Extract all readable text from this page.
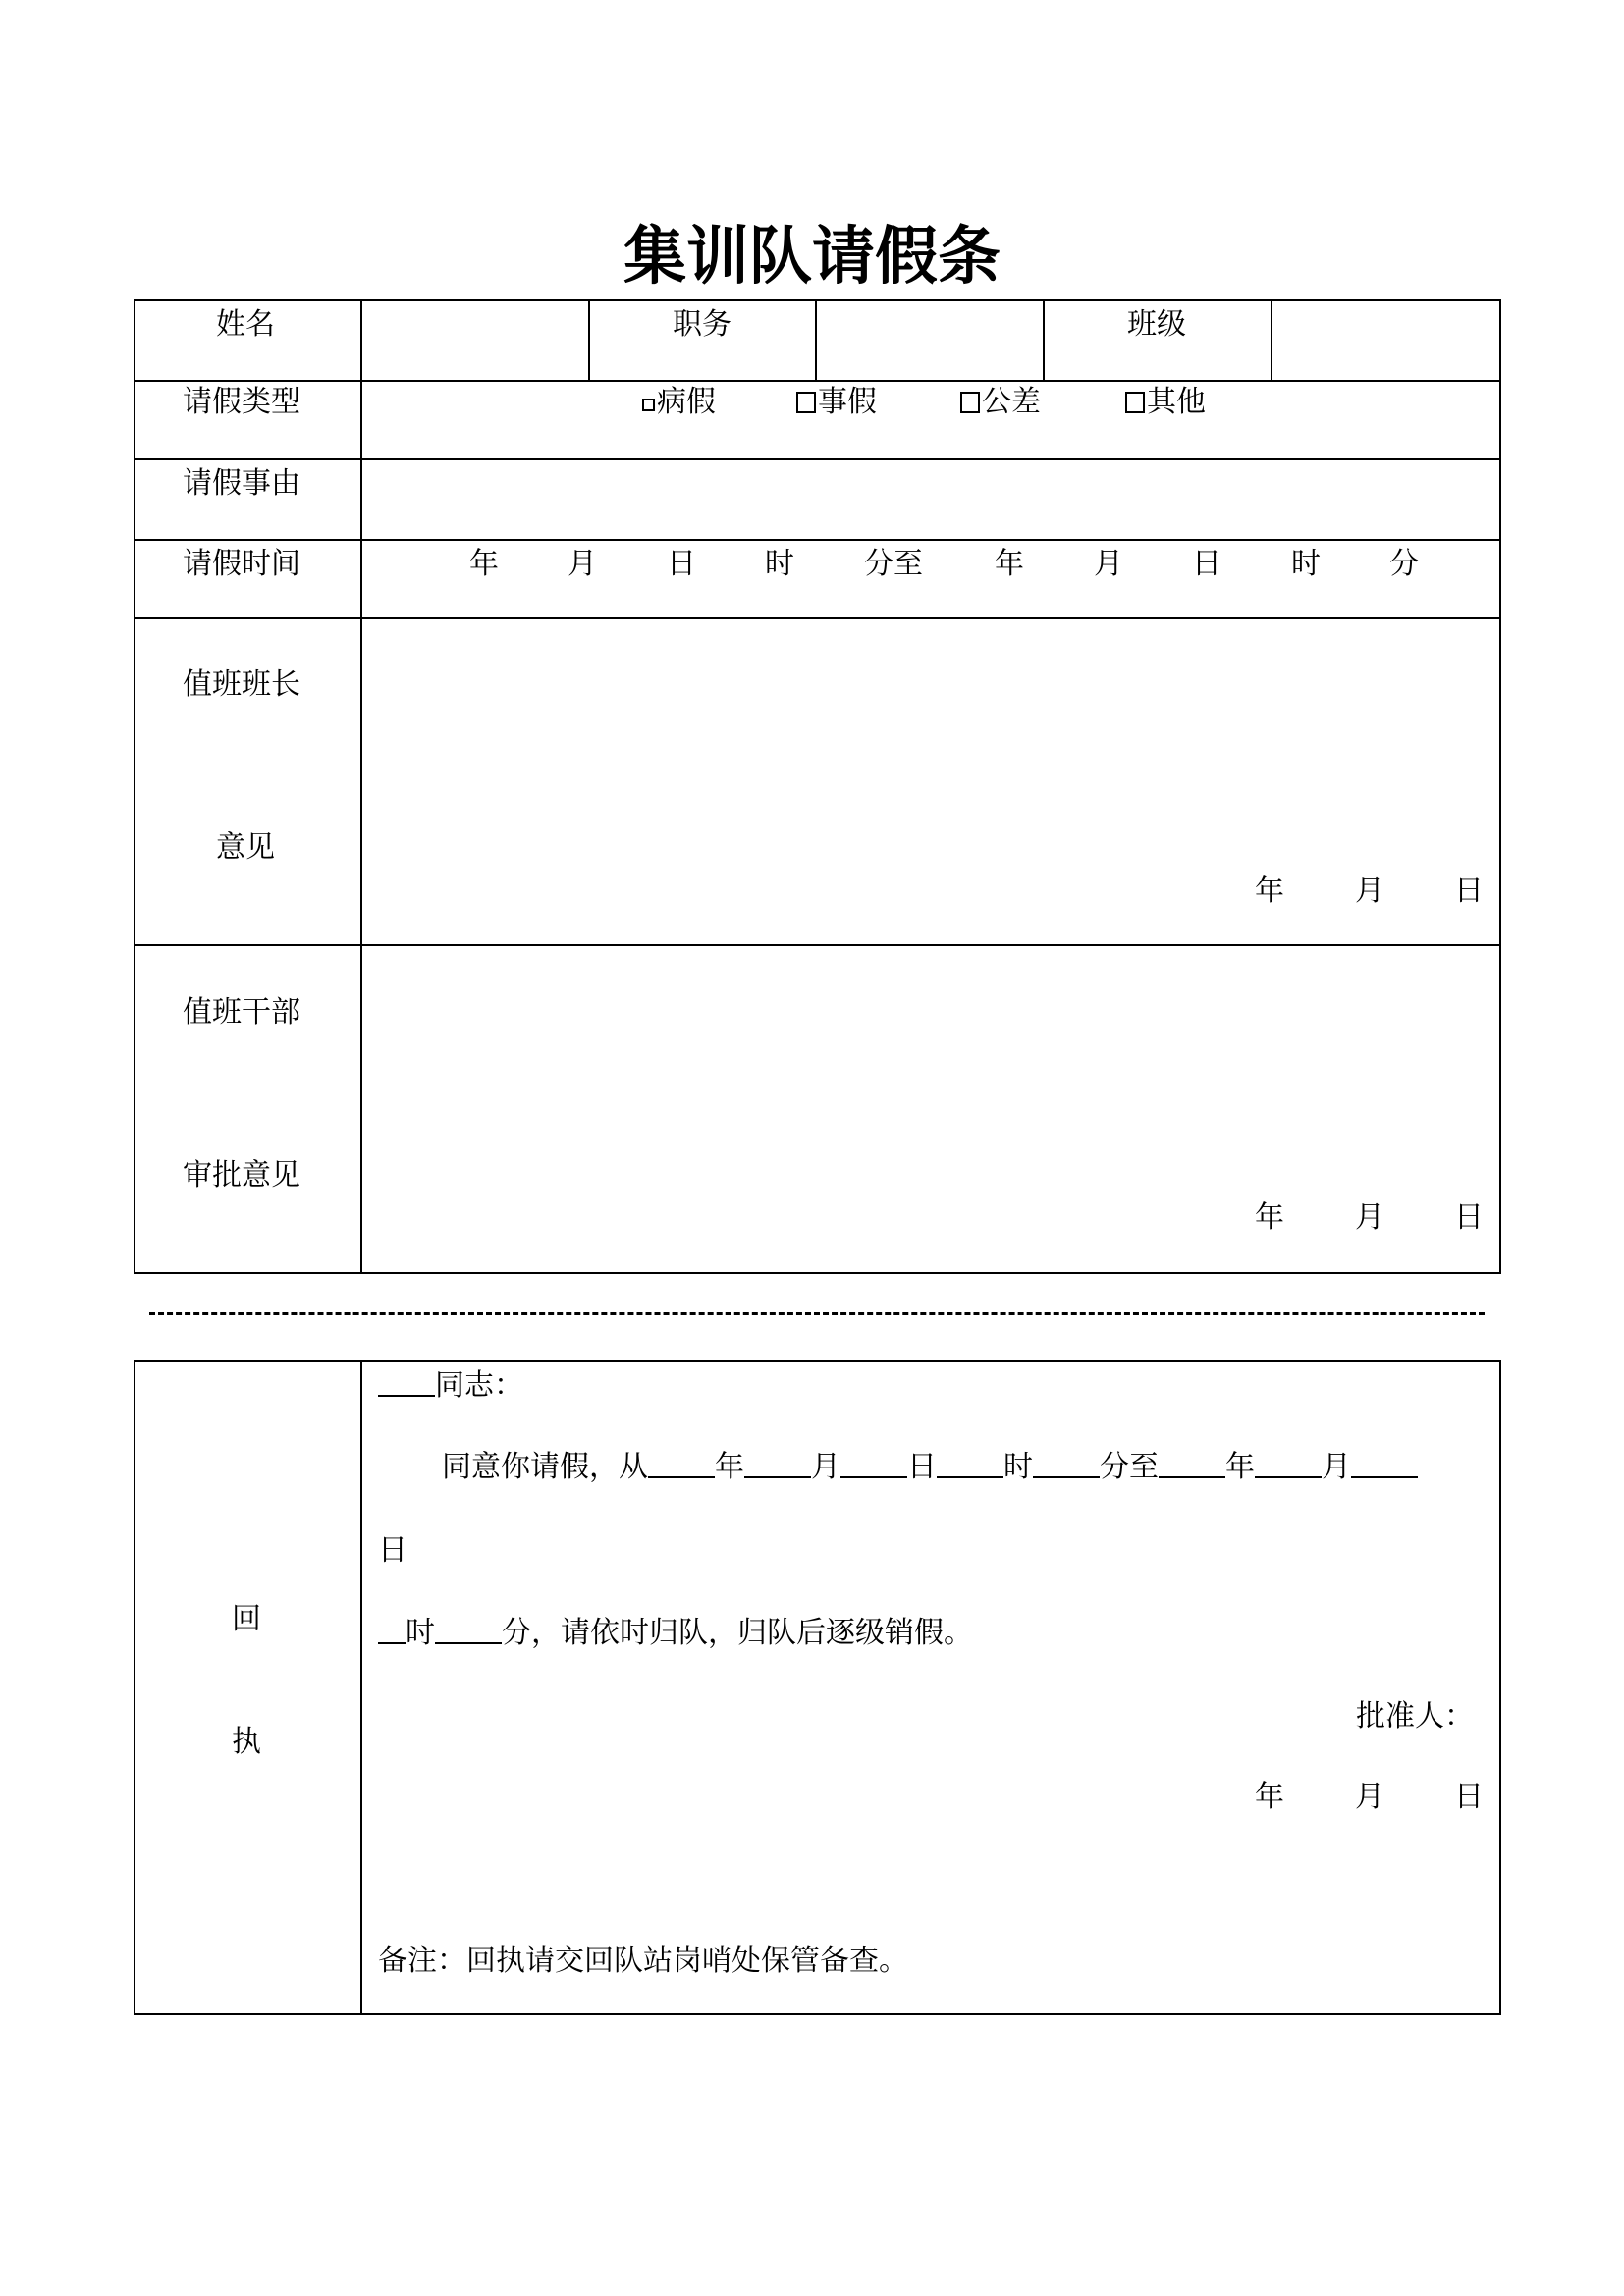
集训队请假条
姓名	职务	班级
请假类型	病假	事假	公差	其他
请假事由
请假时间	年 月 日 时 分至 年 月 日 时 分
值班班长
意见
年 月 日
值班干部
审批意见
年 月 日
回
执
同志：
同意你请假，从 年 月 日 时 分至 年 月
日
时 分，请依时归队，归队后逐级销假。
批准人：
年 月 日
备注：回执请交回队站岗哨处保管备查。
